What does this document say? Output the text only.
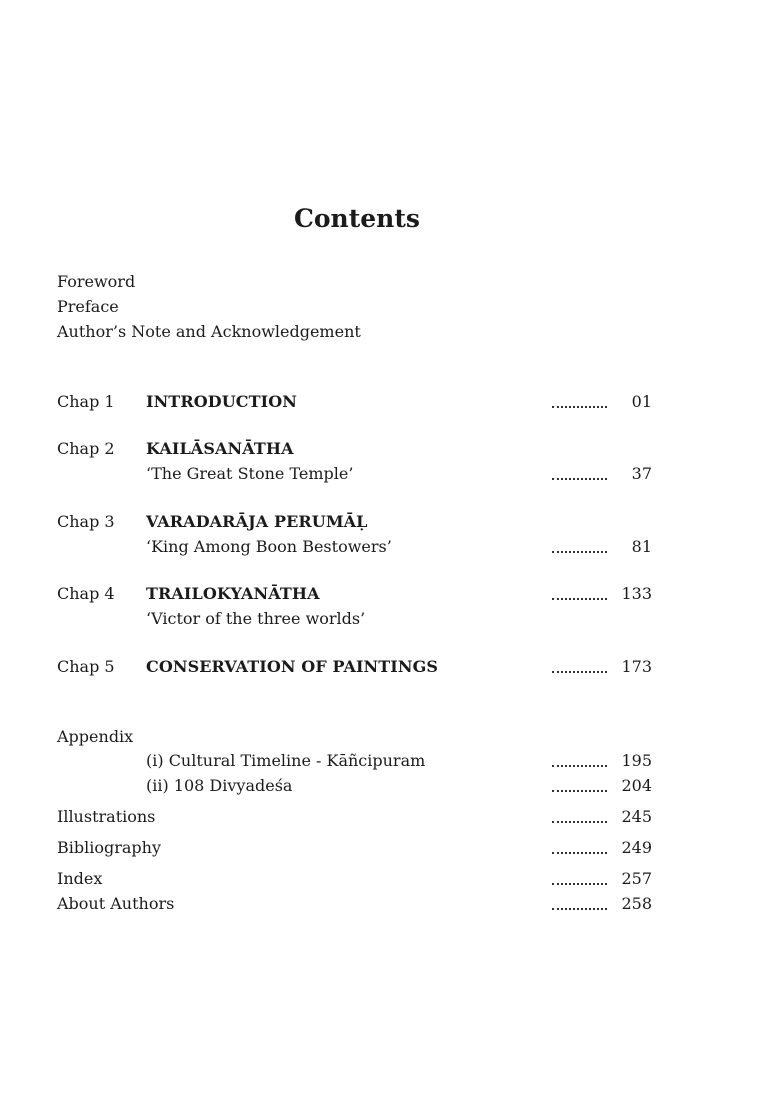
Contents
Foreword
Preface
Author’s Note and Acknowledgement
Chap 1 INTRODUCTION	01
Chap 2 KAILĀSANĀTHA
‘The Great Stone Temple’	37
Chap 3 VARADARĀJA PERUMĀḶ
‘King Among Boon Bestowers’	81
Chap 4 TRAILOKYANĀTHA	133
‘Victor of the three worlds’
Chap 5 CONSERVATION OF PAINTINGS	173
Appendix
(i) Cultural Timeline - Kāñcipuram	195
(ii) 108 Divyadeśa	204
Illustrations	245
Bibliography	249
Index	257
About Authors	258
